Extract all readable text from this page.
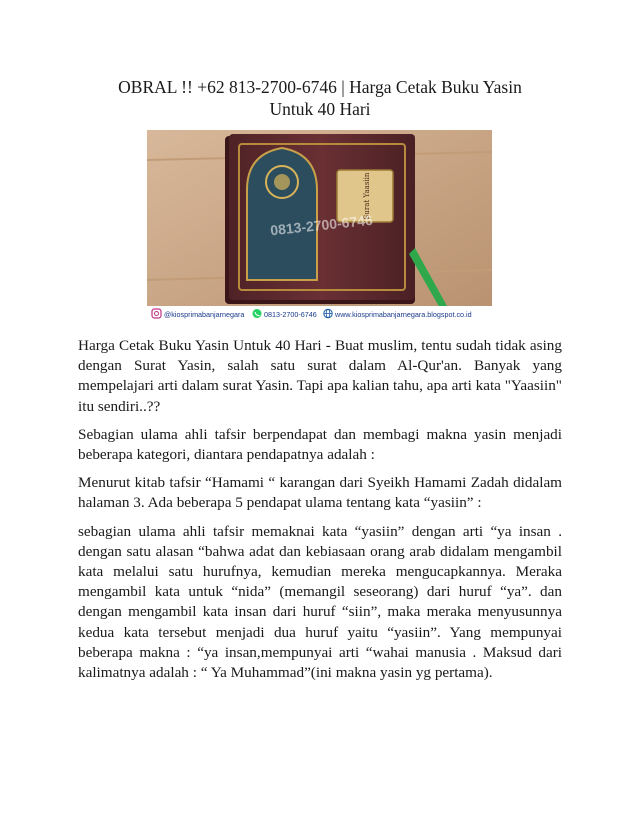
OBRAL !! +62 813-2700-6746 | Harga Cetak Buku Yasin
Untuk 40 Hari
Surat Yaasiin
0813-2700-6746
@kiosprimabanjarnegara	0813-2700-6746	www.kiosprimabanjarnegara.blogspot.co.id

Harga Cetak Buku Yasin Untuk 40 Hari - Buat muslim, tentu sudah tidak asing dengan Surat Yasin, salah satu surat dalam Al-Qur'an. Banyak yang mempelajari arti dalam surat Yasin. Tapi apa kalian tahu, apa arti kata "Yaasiin" itu sendiri..??

Sebagian ulama ahli tafsir berpendapat dan membagi makna yasin menjadi beberapa kategori, diantara pendapatnya adalah :

Menurut kitab tafsir “Hamami “ karangan dari Syeikh Hamami Zadah didalam halaman 3. Ada beberapa 5 pendapat ulama tentang kata “yasiin” :

sebagian ulama ahli tafsir memaknai kata “yasiin” dengan arti “ya insan . dengan satu alasan “bahwa adat dan kebiasaan orang arab didalam mengambil kata melalui satu hurufnya, kemudian mereka mengucapkannya. Meraka mengambil kata untuk “nida” (memangil seseorang) dari huruf “ya”. dan dengan mengambil kata insan dari huruf “siin”, maka meraka menyusunnya kedua kata tersebut menjadi dua huruf yaitu “yasiin”. Yang mempunyai beberapa makna : “ya insan,mempunyai arti “wahai manusia . Maksud dari kalimatnya adalah : “ Ya Muhammad”(ini makna yasin yg pertama).
